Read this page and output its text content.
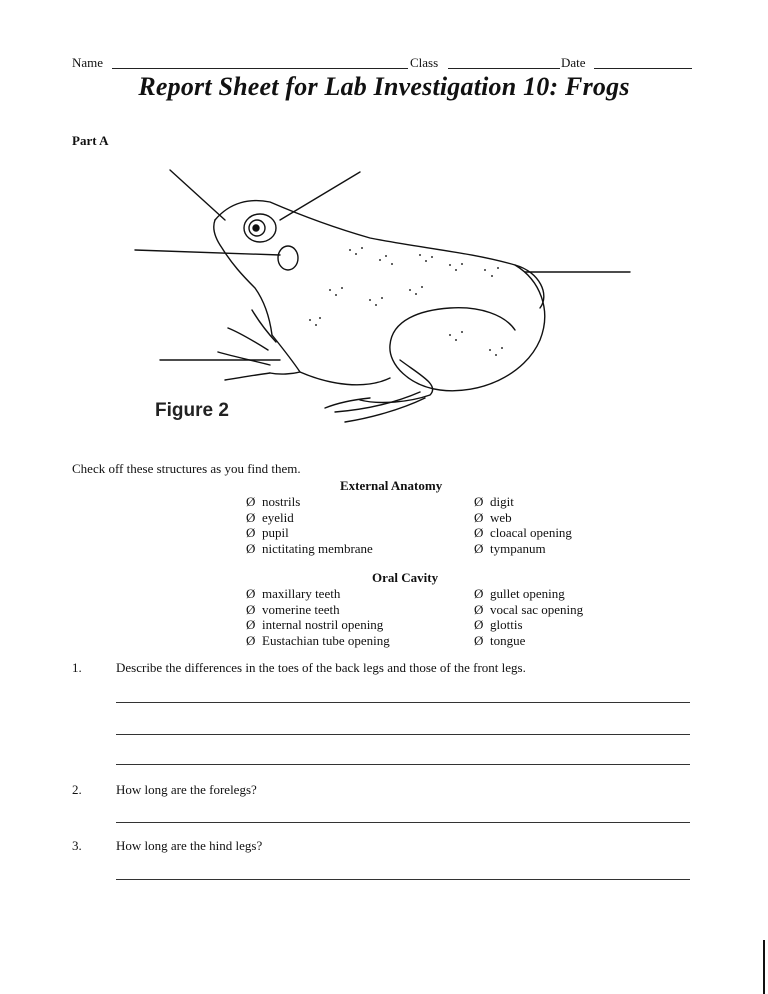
Name	Class	Date
Report Sheet for Lab Investigation 10: Frogs
Part A
Figure 2
Check off these structures as you find them.
External Anatomy
Ø nostrils
Ø eyelid
Ø pupil
Ø nictitating membrane
Ø digit
Ø web
Ø cloacal opening
Ø tympanum
Oral Cavity
Ø maxillary teeth
Ø vomerine teeth
Ø internal nostril opening
Ø Eustachian tube opening
Ø gullet opening
Ø vocal sac opening
Ø glottis
Ø tongue
1.	Describe the differences in the toes of the back legs and those of the front legs.
2.	How long are the forelegs?
3.	How long are the hind legs?
